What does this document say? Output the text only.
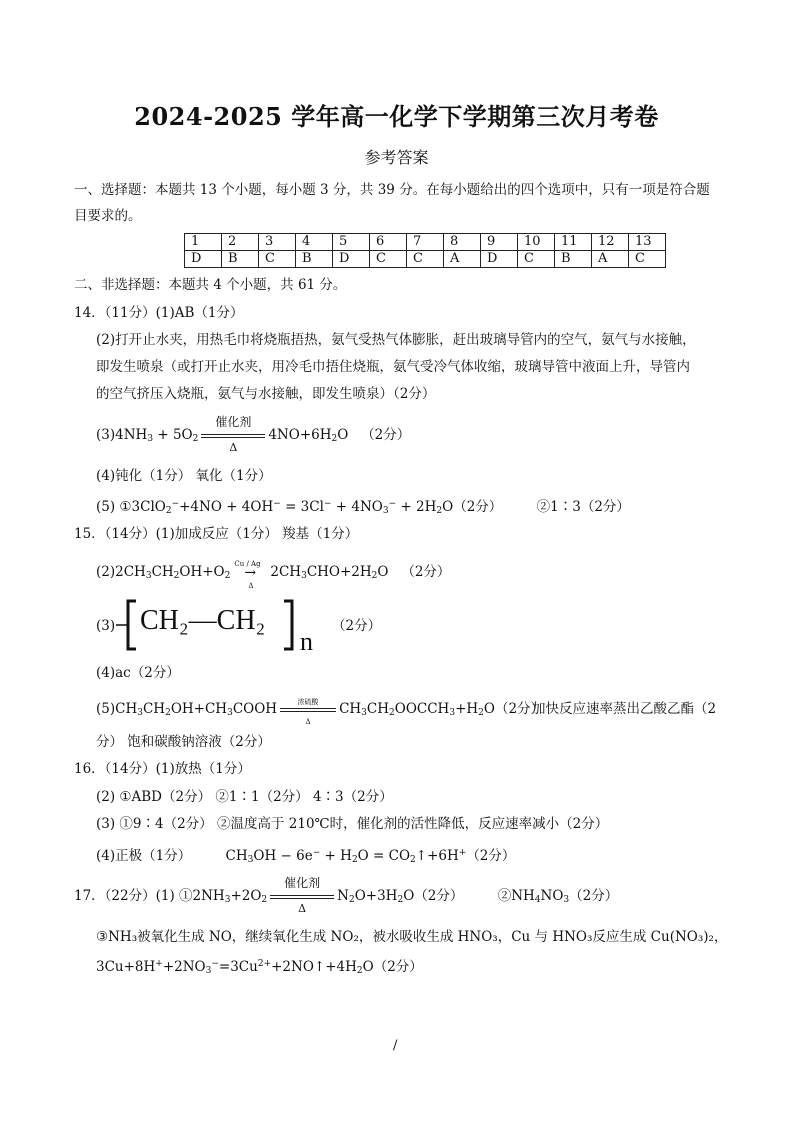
2024-2025 学年高一化学下学期第三次月考卷
参考答案
一、选择题：本题共 13 个小题，每小题 3 分，共 39 分。在每小题给出的四个选项中，只有一项是符合题
目要求的。
1	2	3	4	5	6	7	8	9	10	11	12	13
D	B	C	B	D	C	C	A	D	C	B	A	C
二、非选择题：本题共 4 个小题，共 61 分。
14．（11分）(1)AB（1分）
(2)打开止水夹，用热毛巾将烧瓶捂热，氨气受热气体膨胀，赶出玻璃导管内的空气，氨气与水接触，
即发生喷泉（或打开止水夹，用冷毛巾捂住烧瓶，氨气受冷气体收缩，玻璃导管中液面上升，导管内
的空气挤压入烧瓶，氨气与水接触，即发生喷泉）（2分）
$(3)4NH_3 + 5O_2$
催化剂
Δ
$4NO+6H_2O$   （2分）
(4)钝化（1分） 氧化（1分）
(5) ①3ClO$_2$−+4NO + $4OH^- = 3Cl^- + 4NO_3^- + 2H_2O(2$分）	②1∶3（2分）
15．（14分）(1)加成反应（1分） 羧基（1分）
$(2)2CH_3CH_2OH+O_2$
Cu / Ag
→
Δ
$2CH_3CHO+2H_2O$   （2分）
(3) CH₂—CH₂
n
（2分）
(4)ac（2分）
$(5)CH_3CH_2OH+CH_3COOH$	浓硫酸
Δ
$CH_3CH_2OOCCH_3+H_2O(2$分）
加快反应速率蒸出乙酸乙酯（2
分） 饱和碳酸钠溶液（2分）
16．（14分）(1)放热（1分）
(2) ①ABD（2分） ②1∶1（2分） 4∶3（2分）
(3) ①9∶4（2分） ②温度高于 210℃时，催化剂的活性降低，反应速率减小（2分）
(4)正极（1分）        $CH_3OH - 6e^- + H_2O$ = $CO_2↑+6H^+(2$分）
17．（22分）(1) $①2NH_3+2O_2$
催化剂
Δ
$N_2O+3H_2O(2$分）	$②NH_4NO_3(2$分）
③NH₃被氧化生成 NO，继续氧化生成 NO₂，被水吸收生成 HNO₃，Cu 与 HNO₃反应生成 Cu(NO₃)₂，
$3Cu+8H^++2NO_3^-=3Cu^{2+}+2NO↑+4H_2O(2$分）
/
